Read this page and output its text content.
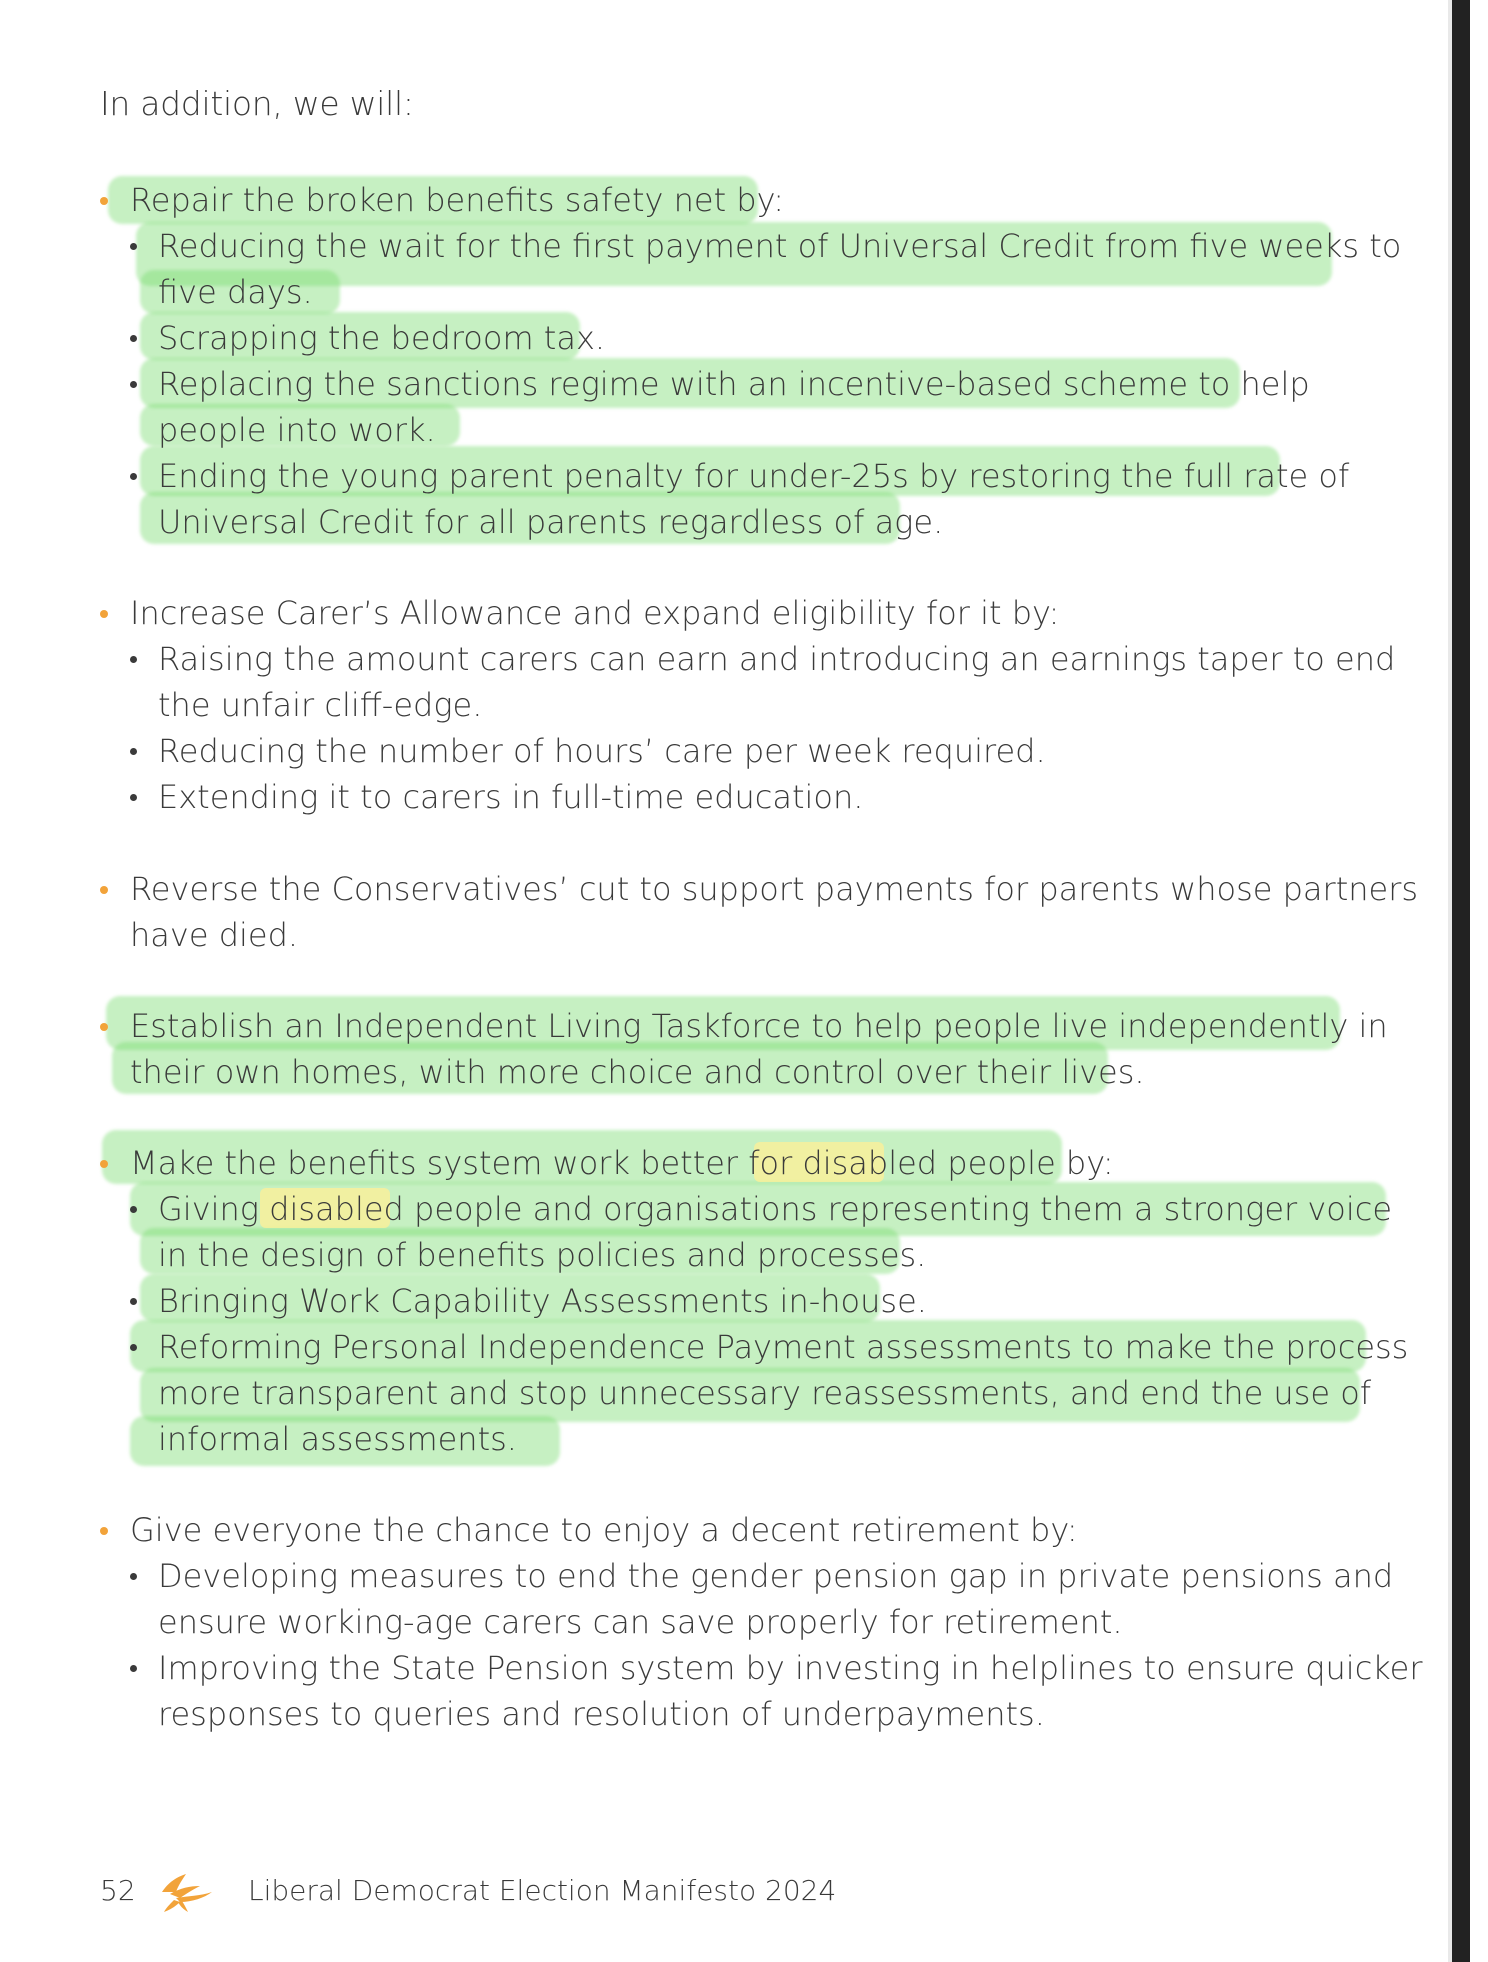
In addition, we will:
Repair the broken benefits safety net by:
Reducing the wait for the first payment of Universal Credit from five weeks to
five days.
Scrapping the bedroom tax.
Replacing the sanctions regime with an incentive-based scheme to help
people into work.
Ending the young parent penalty for under-25s by restoring the full rate of
Universal Credit for all parents regardless of age.
Increase Carer’s Allowance and expand eligibility for it by:
Raising the amount carers can earn and introducing an earnings taper to end
the unfair cliff-edge.
Reducing the number of hours’ care per week required.
Extending it to carers in full-time education.
Reverse the Conservatives’ cut to support payments for parents whose partners
have died.
Establish an Independent Living Taskforce to help people live independently in
their own homes, with more choice and control over their lives.
Make the benefits system work better for disabled people by:
Giving disabled people and organisations representing them a stronger voice
in the design of benefits policies and processes.
Bringing Work Capability Assessments in-house.
Reforming Personal Independence Payment assessments to make the process
more transparent and stop unnecessary reassessments, and end the use of
informal assessments.
Give everyone the chance to enjoy a decent retirement by:
Developing measures to end the gender pension gap in private pensions and
ensure working-age carers can save properly for retirement.
Improving the State Pension system by investing in helplines to ensure quicker
responses to queries and resolution of underpayments.
52	Liberal Democrat Election Manifesto 2024
